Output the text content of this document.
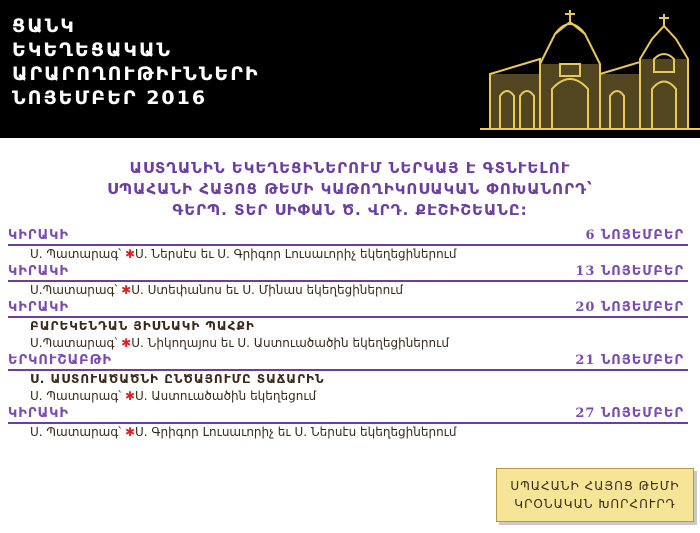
ՑԱՆԿ
ԵԿԵՂԵՑԱԿԱՆ
ԱՐԱՐՈՂՈՒԹԻՒՆՆԵՐԻ
ՆՈՅԵՄԲԵՐ 2016
ԱՍՏՂԱՆԻՆ ԵԿԵՂԵՑԻՆԵՐՈՒՄ ՆԵՐԿԱՅ Է ԳՏՆՒԵԼՈՒ
ՍՊԱՀԱՆԻ ՀԱՅՈՑ ԹԵՄԻ ԿԱԹՈՂԻԿՈՍԱԿԱՆ ՓՈԽԱՆՈՐԴ՝
ԳԵՐՊ. ՏԵՐ ՍԻՓԱՆ Ծ. ՎՐԴ. ՔԷՇԻՇԵԱՆԸ:
ԿԻՐԱԿԻ	6 ՆՈՅԵՄԲԵՐ
Ս. Պատարագ՝ ✱Ս. Ներսէս եւ Ս. Գրիգոր Լուսաւորիչ եկեղեցիներում
ԿԻՐԱԿԻ	13 ՆՈՅԵՄԲԵՐ
Ս.Պատարագ՝ ✱Ս. Ստեփանոս եւ Ս. Մինաս եկեղեցիներում
ԿԻՐԱԿԻ	20 ՆՈՅԵՄԲԵՐ
ԲԱՐԵԿԵՆԴԱՆ ՅԻՍՆԱԿԻ ՊԱՀՔԻ
Ս.Պատարագ՝ ✱Ս. Նիկողայոս եւ Ս. Աստուածածին եկեղեցիներում
ԵՐԿՈՒՇԱԲԹԻ	21 ՆՈՅԵՄԲԵՐ
Ս. ԱՍՏՈՒԱԾԱԾՆԻ ԸՆԾԱՅՈՒՄԸ ՏԱՃԱՐԻՆ
Ս. Պատարագ՝ ✱Ս. Աստուածածին եկեղեցում
ԿԻՐԱԿԻ	27 ՆՈՅԵՄԲԵՐ
Ս. Պատարագ՝ ✱Ս. Գրիգոր Լուսաւորիչ եւ Ս. Ներսէս եկեղեցիներում
ՍՊԱՀԱՆԻ ՀԱՅՈՑ ԹԵՄԻ
ԿՐՕՆԱԿԱՆ ԽՈՐՀՈՒՐԴ
